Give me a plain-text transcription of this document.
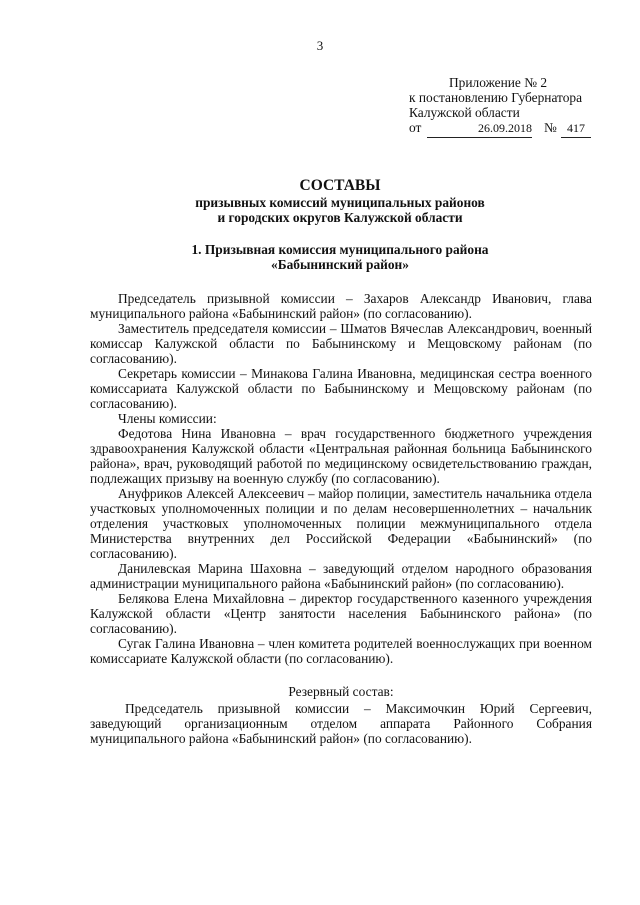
3
Приложение № 2
к постановлению Губернатора
Калужской области
от	26.09.2018 № 417
СОСТАВЫ
призывных комиссий муниципальных районов
и городских округов Калужской области
1. Призывная комиссия муниципального района
«Бабынинский район»

Председатель призывной комиссии – Захаров Александр Иванович, глава муниципального района «Бабынинский район» (по согласованию).

Заместитель председателя комиссии – Шматов Вячеслав Александрович, военный комиссар Калужской области по Бабынинскому и Мещовскому районам (по согласованию).

Секретарь комиссии – Минакова Галина Ивановна, медицинская сестра военного комиссариата Калужской области по Бабынинскому и Мещовскому районам (по согласованию).

Члены комиссии:

Федотова Нина Ивановна – врач государственного бюджетного учреждения здравоохранения Калужской области «Центральная районная больница Бабынинского района», врач, руководящий работой по медицинскому освидетельствованию граждан, подлежащих призыву на военную службу (по согласованию).

Ануфриков Алексей Алексеевич – майор полиции, заместитель начальника отдела участковых уполномоченных полиции и по делам несовершеннолетних – начальник отделения участковых уполномоченных полиции межмуниципального отдела Министерства внутренних дел Российской Федерации «Бабынинский» (по согласованию).

Данилевская Марина Шаховна – заведующий отделом народного образования администрации муниципального района «Бабынинский район» (по согласованию).

Белякова Елена Михайловна – директор государственного казенного учреждения Калужской области «Центр занятости населения Бабынинского района» (по согласованию).

Сугак Галина Ивановна – член комитета родителей военнослужащих при военном комиссариате Калужской области (по согласованию).

Резервный состав:

Председатель призывной комиссии – Максимочкин Юрий Сергеевич, заведующий организационным отделом аппарата Районного Собрания муниципального района «Бабынинский район» (по согласованию).
